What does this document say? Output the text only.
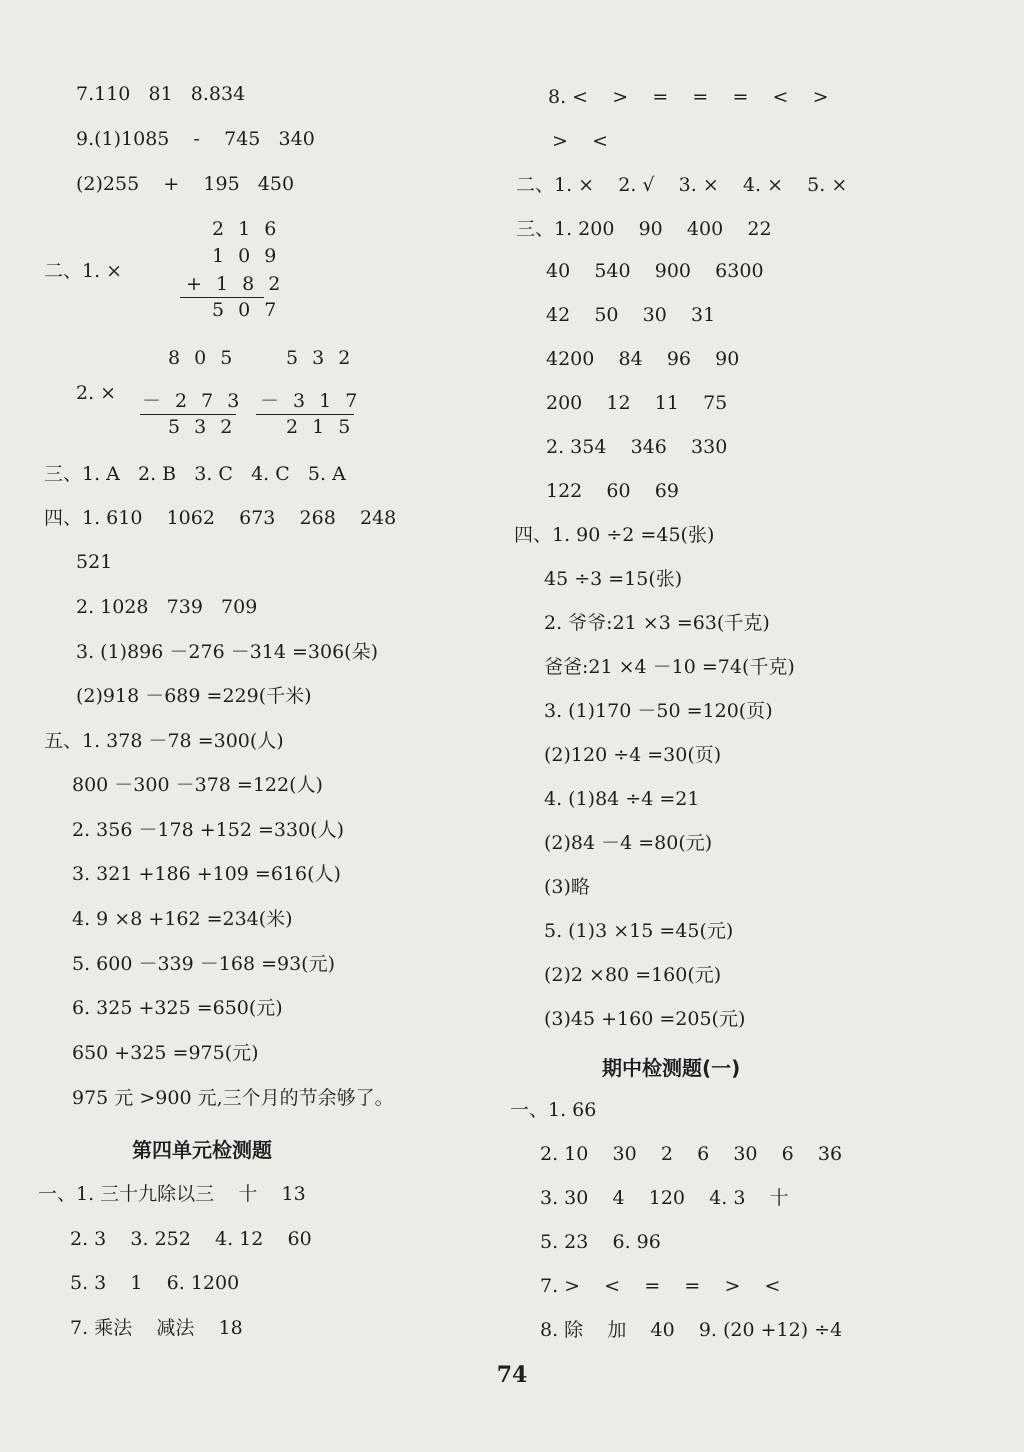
7.110   81   8.834
9.(1)1085    -    745   340
(2)255    +    195   450
2 1 6
1 0 9
二、1. ×
+ 1 8 2
5 0 7
8 0 5	5 3 2
2. × － 2 7 3 － 3 1 7
5 3 2	2 1 5
三、1. A   2. B   3. C   4. C   5. A
四、1. 610    1062    673    268    248
521
2. 1028   739   709
3. (1)896 －276 －314 =306(朵)
(2)918 －689 =229(千米)
五、1. 378 －78 =300(人)
800 －300 －378 =122(人)
2. 356 －178 +152 =330(人)
3. 321 +186 +109 =616(人)
4. 9 ×8 +162 =234(米)
5. 600 －339 －168 =93(元)
6. 325 +325 =650(元)
650 +325 =975(元)
975 元 >900 元,三个月的节余够了。
第四单元检测题
一、1. 三十九除以三    十    13
2. 3    3. 252    4. 12    60
5. 3    1    6. 1200
7. 乘法    减法    18
8. <    >    =    =    =    <    >
>    <
二、1. ×    2. √    3. ×    4. ×    5. ×
三、1. 200    90    400    22
40    540    900    6300
42    50    30    31
4200    84    96    90
200    12    11    75
2. 354    346    330
122    60    69
四、1. 90 ÷2 =45(张)
45 ÷3 =15(张)
2. 爷爷:21 ×3 =63(千克)
爸爸:21 ×4 －10 =74(千克)
3. (1)170 －50 =120(页)
(2)120 ÷4 =30(页)
4. (1)84 ÷4 =21
(2)84 －4 =80(元)
(3)略
5. (1)3 ×15 =45(元)
(2)2 ×80 =160(元)
(3)45 +160 =205(元)
期中检测题(一)
一、1. 66
2. 10    30    2    6    30    6    36
3. 30    4    120    4. 3    十
5. 23    6. 96
7. >    <    =    =    >    <
8. 除    加    40    9. (20 +12) ÷4
74
